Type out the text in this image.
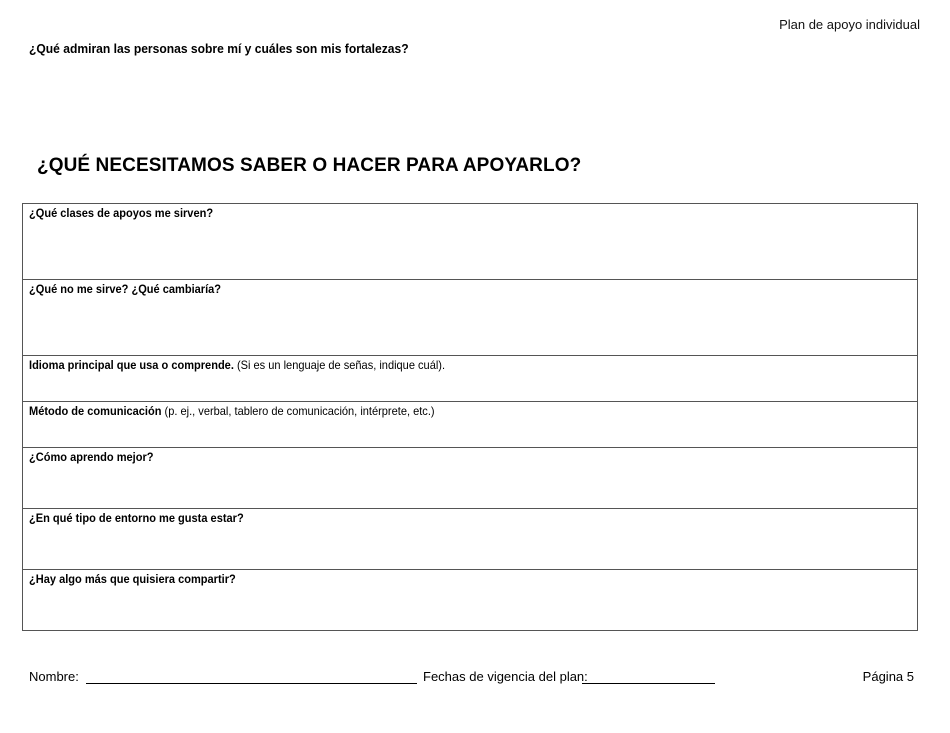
Plan de apoyo individual
¿Qué admiran las personas sobre mí y cuáles son mis fortalezas?
¿QUÉ NECESITAMOS SABER O HACER PARA APOYARLO?
¿Qué clases de apoyos me sirven?

¿Qué no me sirve? ¿Qué cambiaría?

Idioma principal que usa o comprende. (Si es un lenguaje de señas, indique cuál).

Método de comunicación (p. ej., verbal, tablero de comunicación, intérprete, etc.)

¿Cómo aprendo mejor?

¿En qué tipo de entorno me gusta estar?

¿Hay algo más que quisiera compartir?
Nombre:	Fechas de vigencia del plan:	Página 5
